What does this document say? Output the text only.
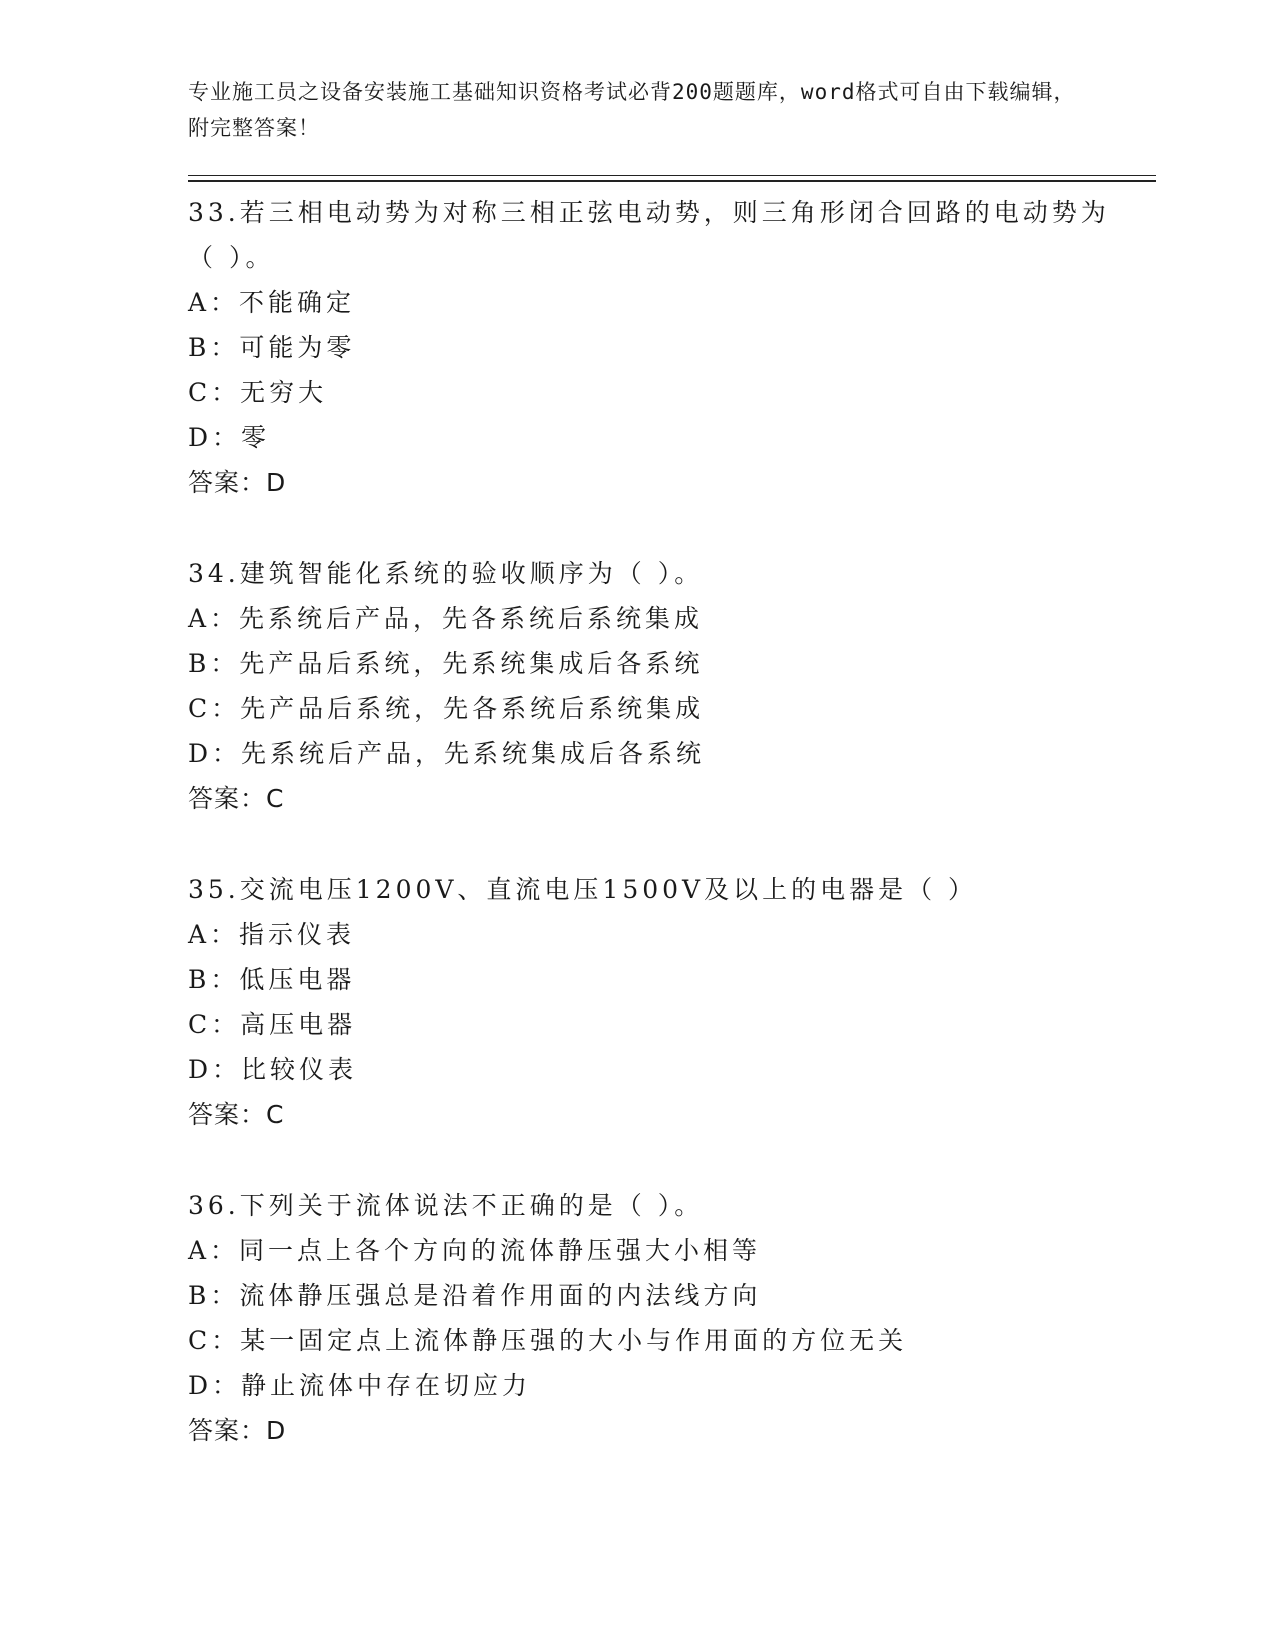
专业施工员之设备安装施工基础知识资格考试必背200题题库，word格式可自由下载编辑，附完整答案！

33.若三相电动势为对称三相正弦电动势，则三角形闭合回路的电动势为（ ）。

A：不能确定

B：可能为零

C：无穷大

D：零

答案：D

34.建筑智能化系统的验收顺序为（ ）。

A：先系统后产品，先各系统后系统集成

B：先产品后系统，先系统集成后各系统

C：先产品后系统，先各系统后系统集成

D：先系统后产品，先系统集成后各系统

答案：C

35.交流电压1200V、直流电压1500V及以上的电器是（ ）

A：指示仪表

B：低压电器

C：高压电器

D：比较仪表

答案：C

36.下列关于流体说法不正确的是（ ）。

A：同一点上各个方向的流体静压强大小相等

B：流体静压强总是沿着作用面的内法线方向

C：某一固定点上流体静压强的大小与作用面的方位无关

D：静止流体中存在切应力

答案：D
